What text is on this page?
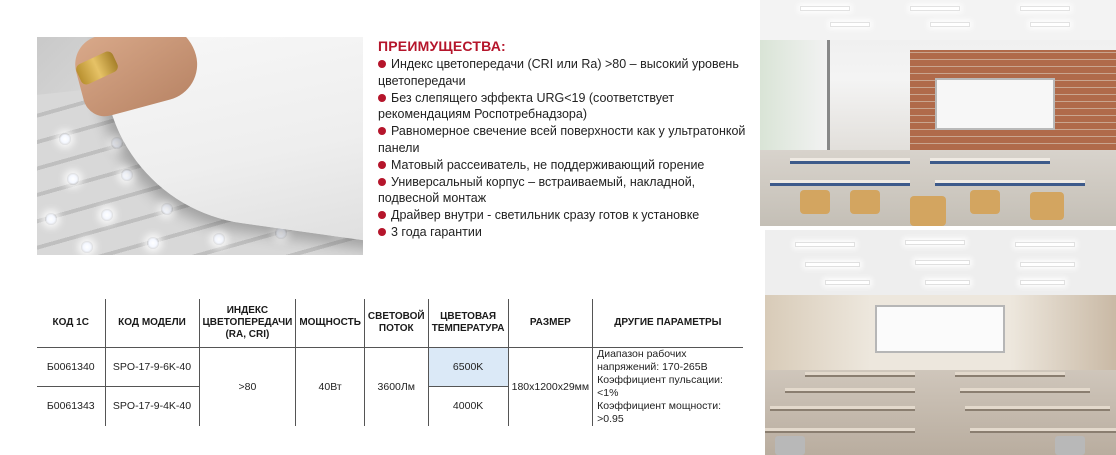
ПРЕИМУЩЕСТВА:
Индекс цветопередачи (CRI или Ra) >80 – высокий уровень цветопередачи
Без слепящего эффекта URG<19 (соответствует рекомендациям Роспотребнадзора)
Равномерное свечение всей поверхности как у ультратонкой панели
Матовый рассеиватель, не поддерживающий горение
Универсальный корпус – встраиваемый, накладной, подвесной монтаж
Драйвер внутри - светильник сразу готов к установке
3 года гарантии
КОД 1С	КОД МОДЕЛИ	ИНДЕКС ЦВЕТОПЕРЕДАЧИ (RA, CRI)	МОЩНОСТЬ	СВЕТОВОЙ ПОТОК	ЦВЕТОВАЯ ТЕМПЕРАТУРА	РАЗМЕР	ДРУГИЕ ПАРАМЕТРЫ
Б0061340	SPO-17-9-6K-40	>80	40Вт	3600Лм	6500K	180x1200x29мм	Диапазон рабочих напряжений: 170-265В
Коэффициент пульсации: <1%
Коэффициент мощности: >0.95

Б0061343	SPO-17-9-4K-40				4000K		
